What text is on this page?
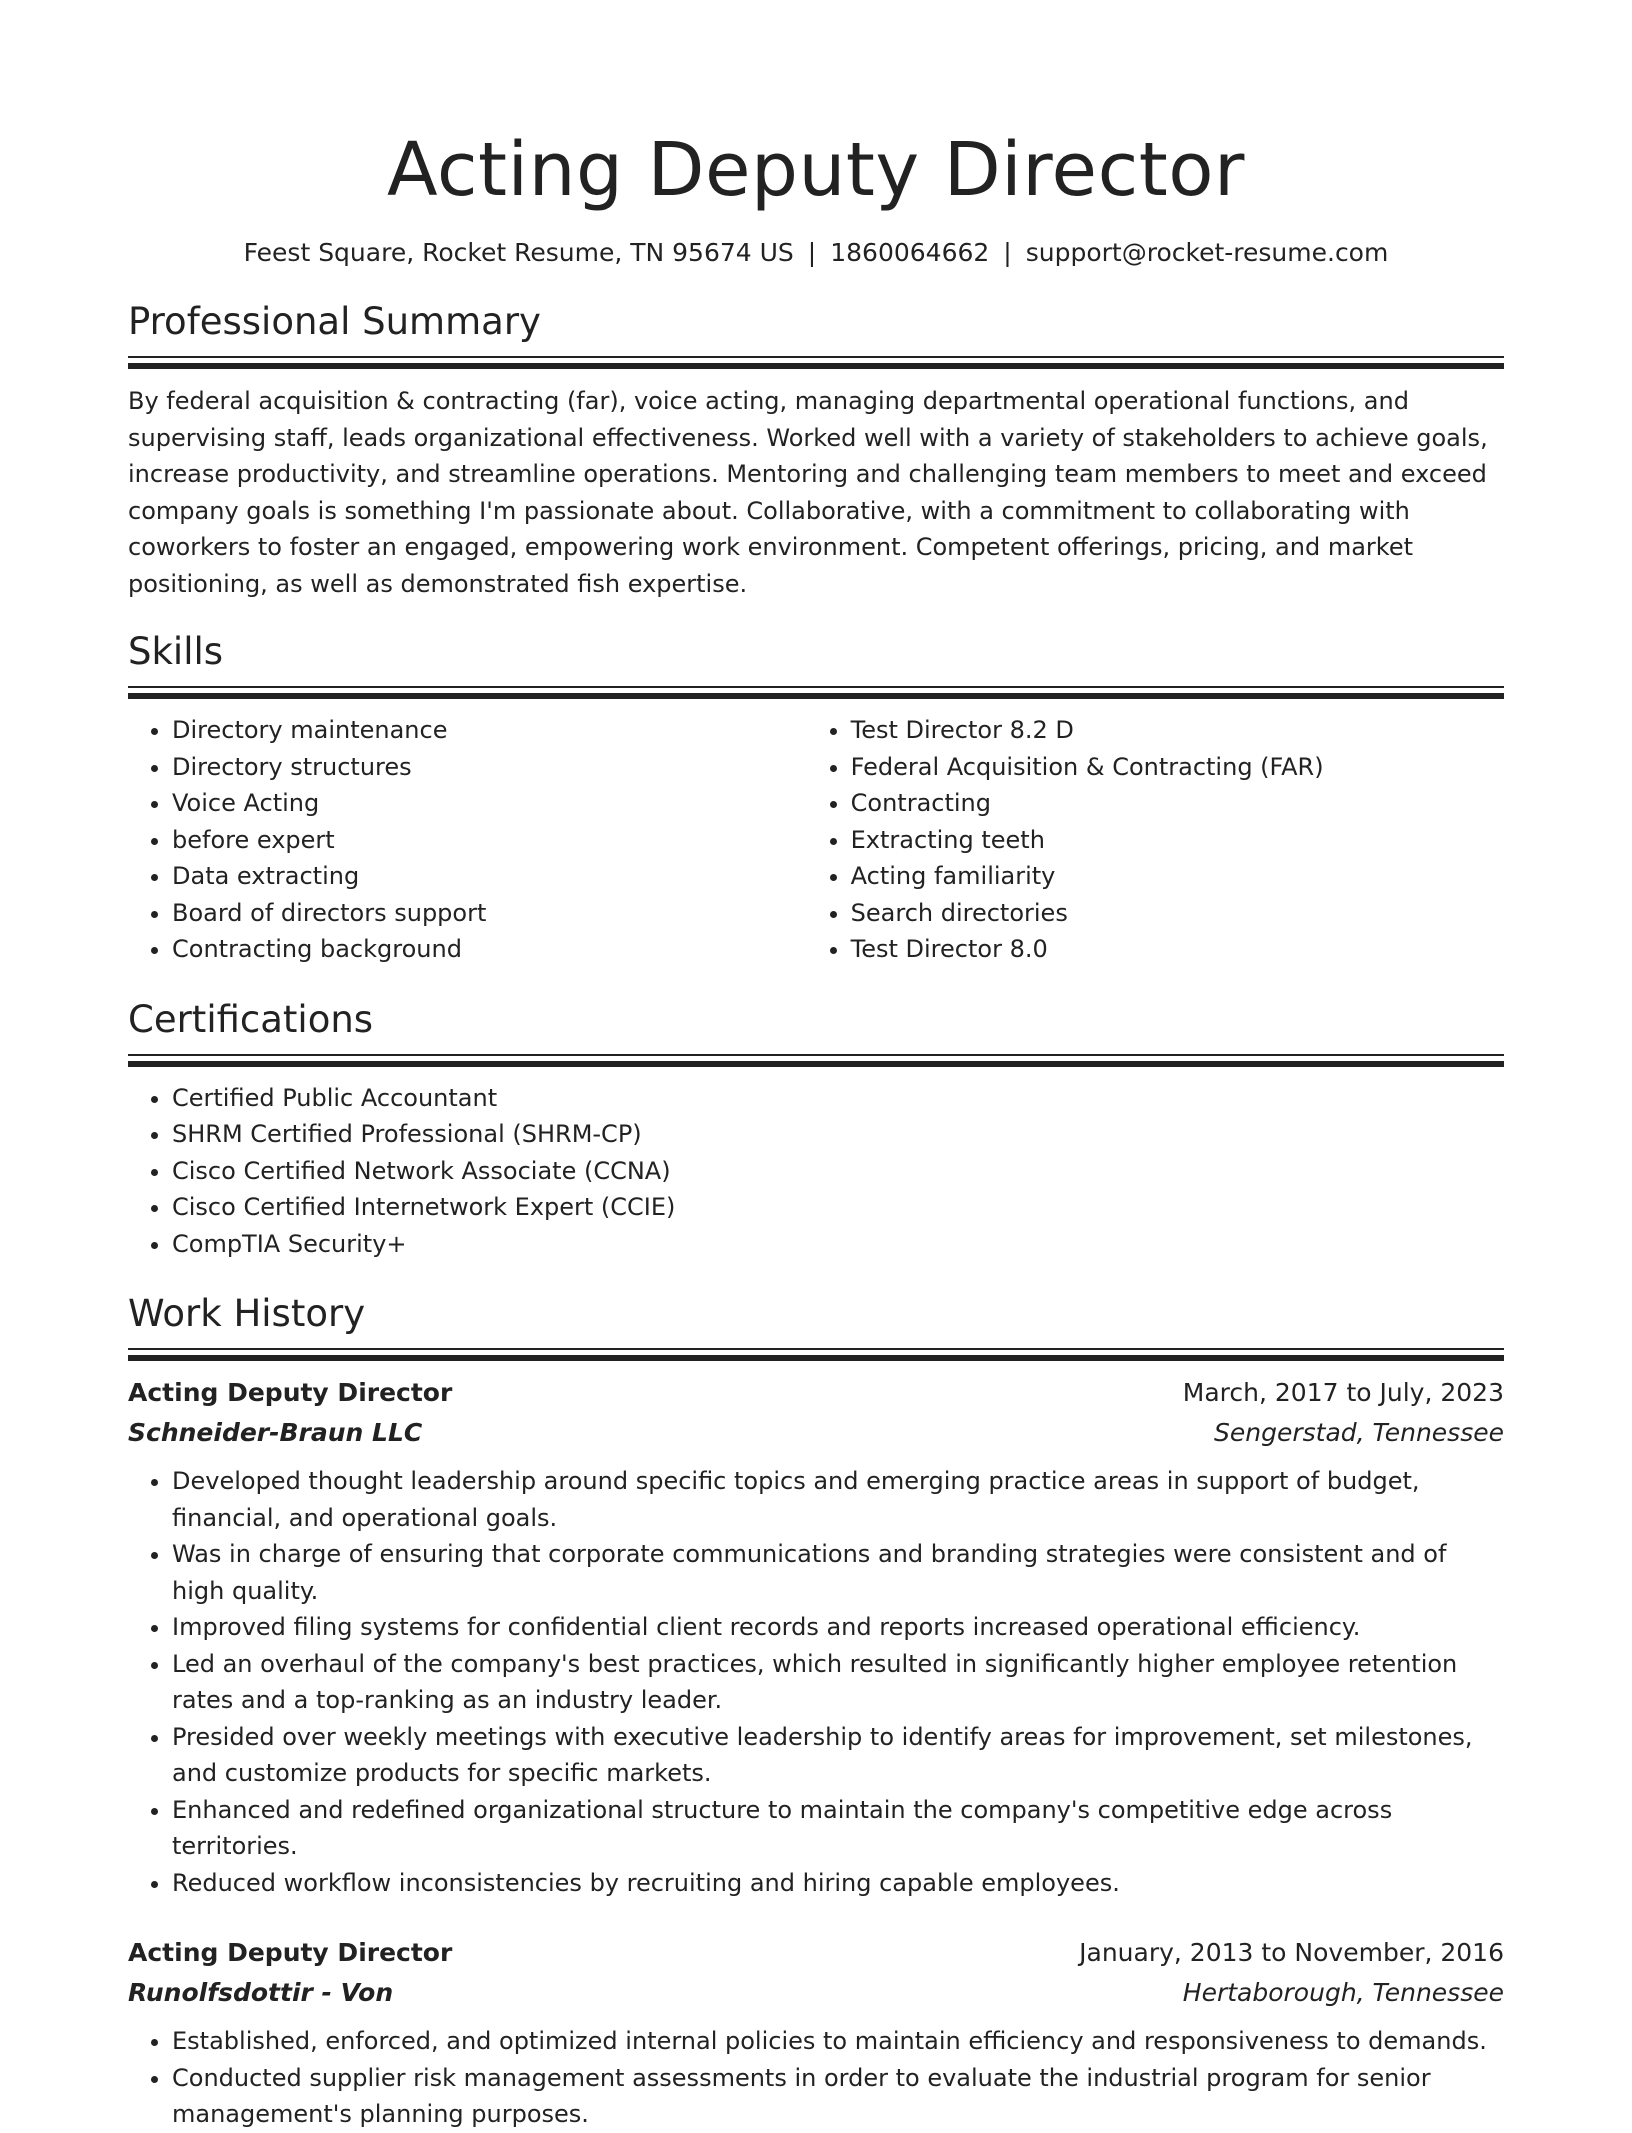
Acting Deputy Director
Feest Square, Rocket Resume, TN 95674 US | 1860064662 | support@rocket-resume.com
Professional Summary

By federal acquisition & contracting (far), voice acting, managing departmental operational functions, and supervising staff, leads organizational effectiveness. Worked well with a variety of stakeholders to achieve goals, increase productivity, and streamline operations. Mentoring and challenging team members to meet and exceed company goals is something I'm passionate about. Collaborative, with a commitment to collaborating with coworkers to foster an engaged, empowering work environment. Competent offerings, pricing, and market positioning, as well as demonstrated fish expertise.

Skills
• Directory maintenance
• Directory structures
• Voice Acting
• before expert
• Data extracting
• Board of directors support
• Contracting background
• Test Director 8.2 D
• Federal Acquisition & Contracting (FAR)
• Contracting
• Extracting teeth
• Acting familiarity
• Search directories
• Test Director 8.0
Certifications
• Certified Public Accountant
• SHRM Certified Professional (SHRM-CP)
• Cisco Certified Network Associate (CCNA)
• Cisco Certified Internetwork Expert (CCIE)
• CompTIA Security+
Work History
Acting Deputy Director	March, 2017 to July, 2023
Schneider-Braun LLC	Sengerstad, Tennessee
• Developed thought leadership around specific topics and emerging practice areas in support of budget, financial, and operational goals.
• Was in charge of ensuring that corporate communications and branding strategies were consistent and of high quality.
• Improved filing systems for confidential client records and reports increased operational efficiency.
• Led an overhaul of the company's best practices, which resulted in significantly higher employee retention rates and a top-ranking as an industry leader.
• Presided over weekly meetings with executive leadership to identify areas for improvement, set milestones, and customize products for specific markets.
• Enhanced and redefined organizational structure to maintain the company's competitive edge across territories.
• Reduced workflow inconsistencies by recruiting and hiring capable employees.
Acting Deputy Director	January, 2013 to November, 2016
Runolfsdottir - Von	Hertaborough, Tennessee
• Established, enforced, and optimized internal policies to maintain efficiency and responsiveness to demands.
• Conducted supplier risk management assessments in order to evaluate the industrial program for senior management's planning purposes.
